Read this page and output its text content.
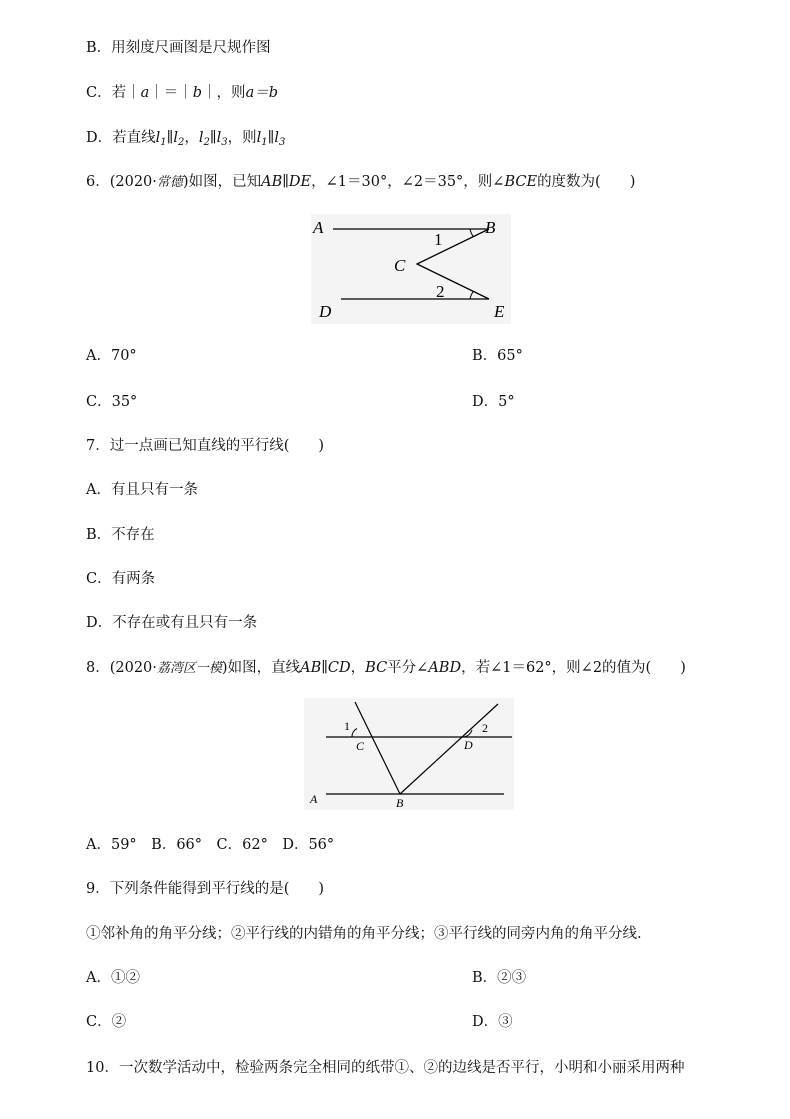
B．用刻度尺画图是尺规作图
C．若｜a｜＝｜b｜，则a＝b
D．若直线$l_1\parallel l_2$，$l_2\parallel l_3$，则$l_1\parallel l_3$
6．(2020·常德)如图，已知AB∥DE，∠1＝30°，∠2＝35°，则∠BCE的度数为(　　)
A	B
C
D	E
1
2
A．70°	B．65°
C．35°	D．5°
7．过一点画已知直线的平行线(　　)
A．有且只有一条
B．不存在
C．有两条
D．不存在或有且只有一条
8．(2020·荔湾区一模)如图，直线AB∥CD，BC平分∠ABD，若∠1＝62°，则∠2的值为(　　)
1	2
C	D
A	B
A．59°　B．66°　C．62°　D．56°
9．下列条件能得到平行线的是(　　)
①邻补角的角平分线；②平行线的内错角的角平分线；③平行线的同旁内角的角平分线.
A．①②	B．②③
C．②	D．③
10．一次数学活动中，检验两条完全相同的纸带①、②的边线是否平行，小明和小丽采用两种
